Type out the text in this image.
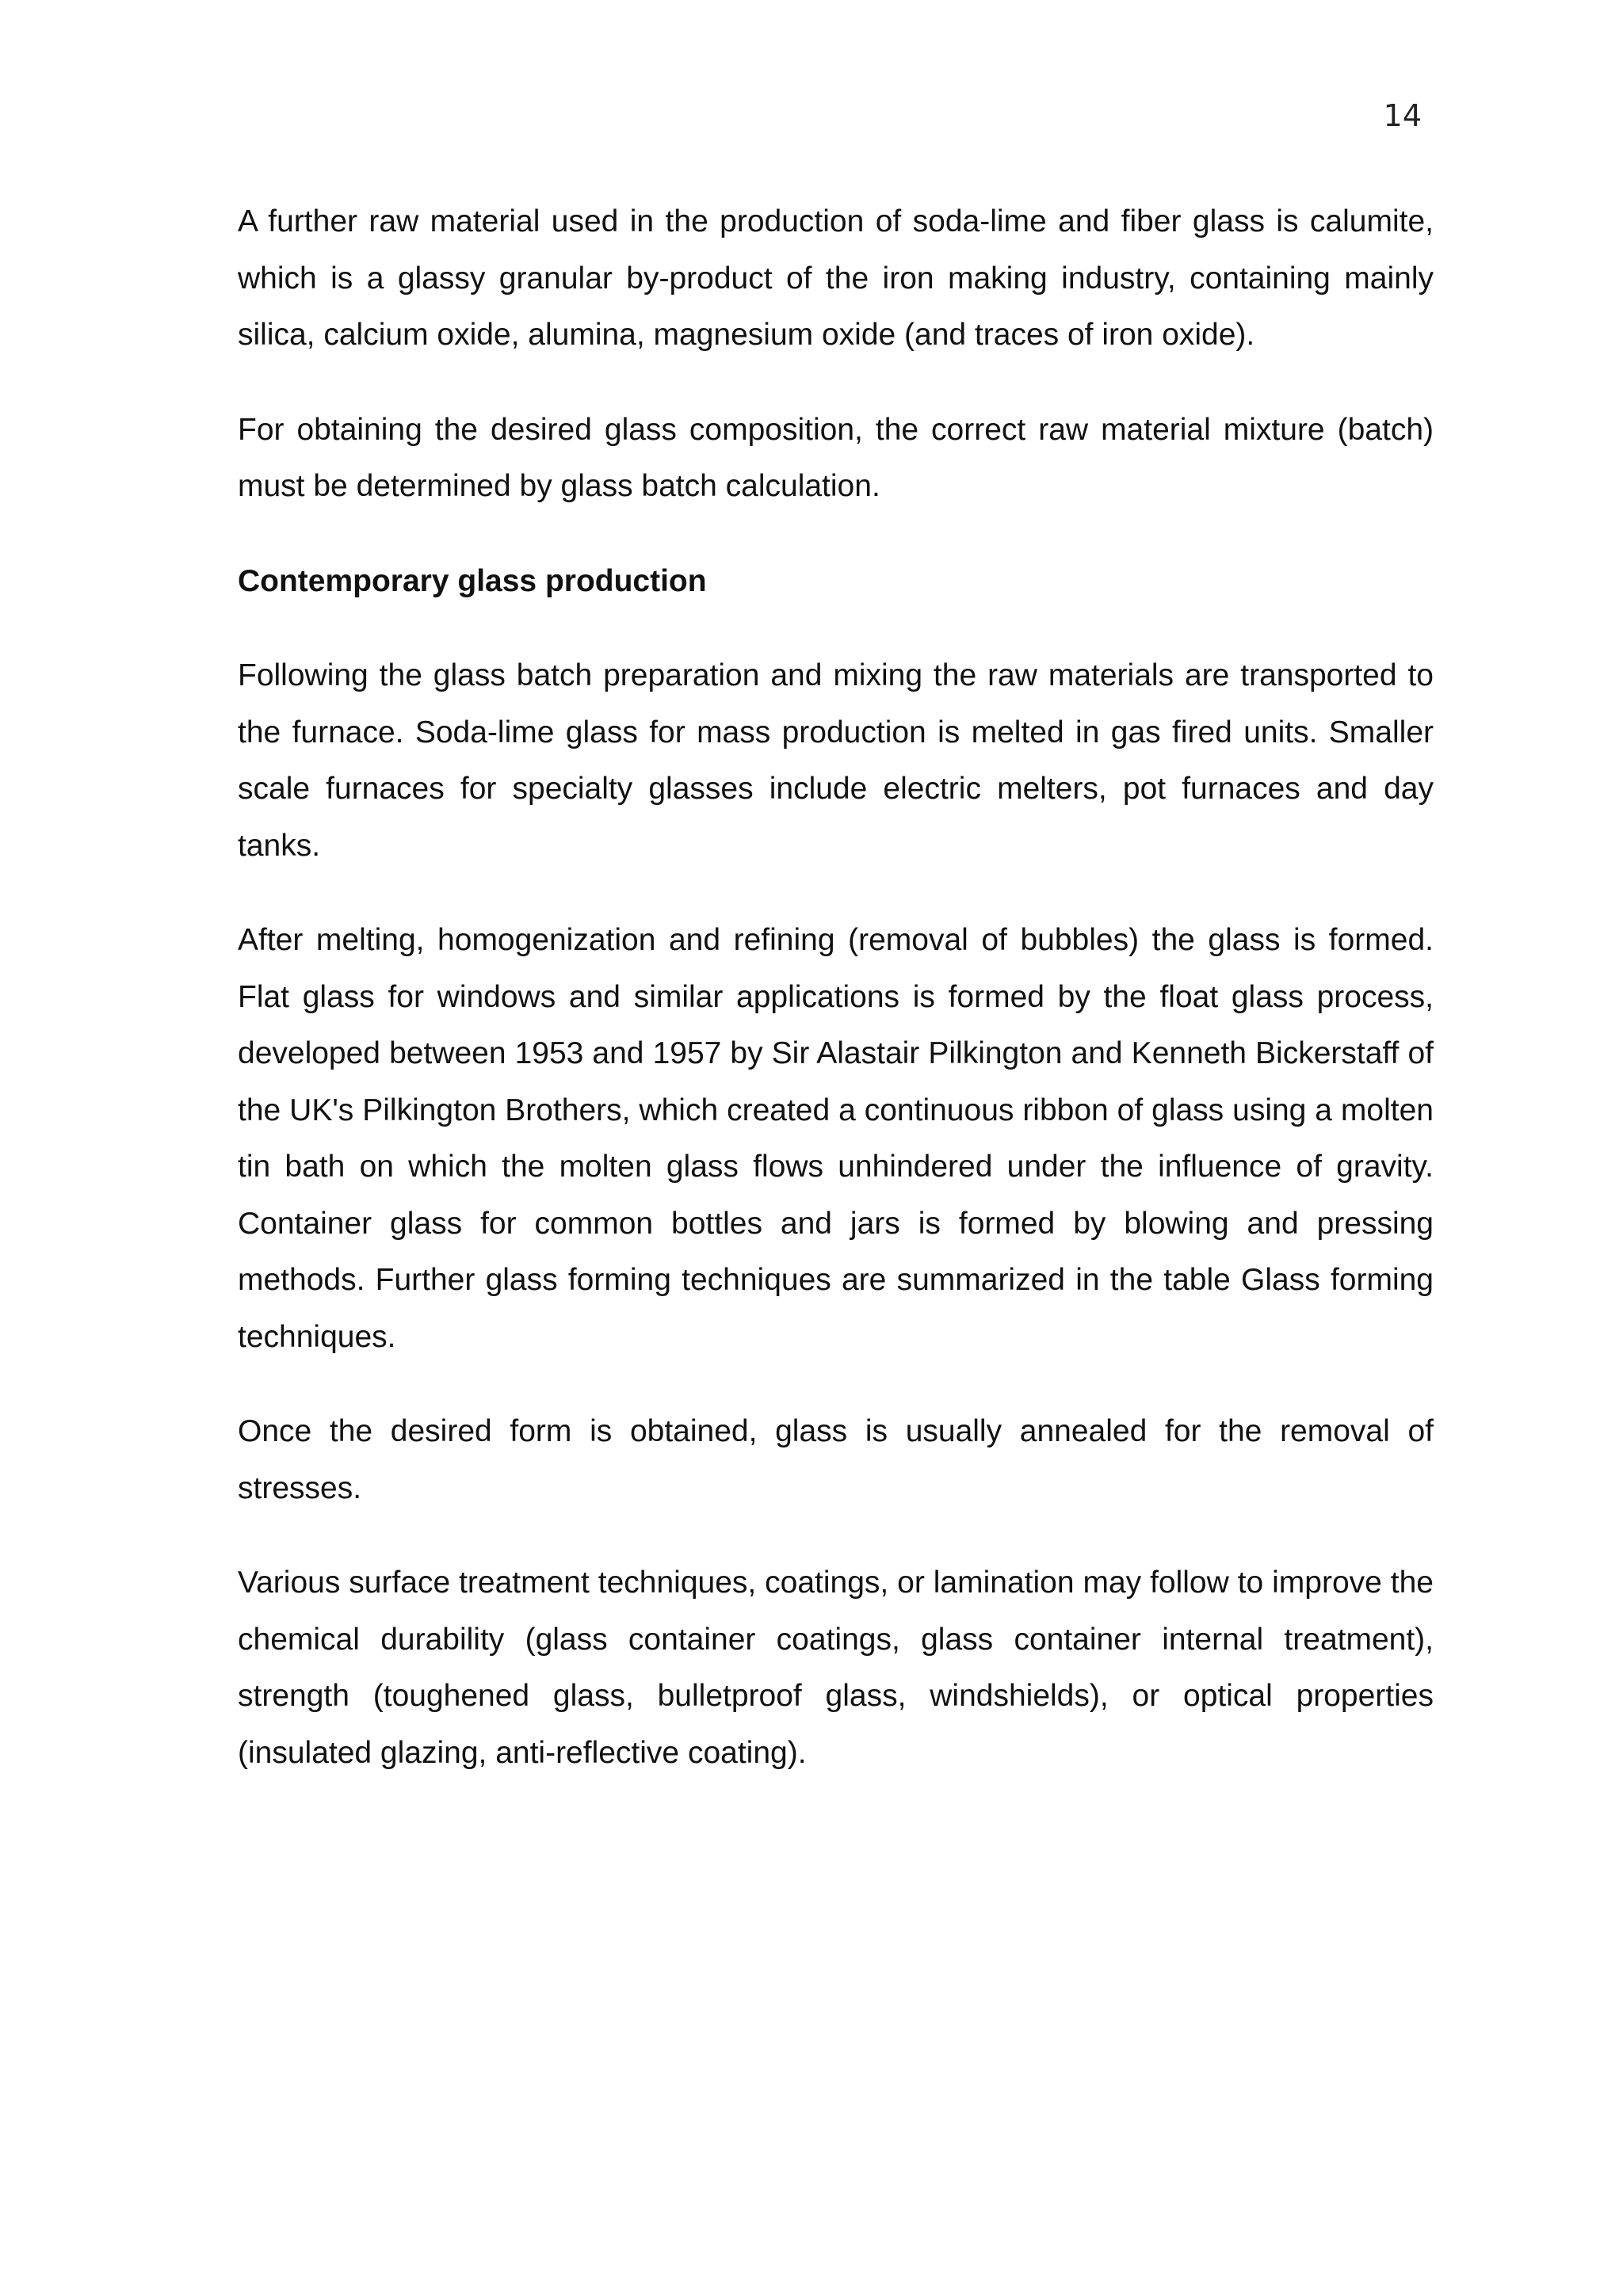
14

A further raw material used in the production of soda-lime and fiber glass is calumite, which is a glassy granular by-product of the iron making industry, containing mainly silica, calcium oxide, alumina, magnesium oxide (and traces of iron oxide).

For obtaining the desired glass composition, the correct raw material mixture (batch) must be determined by glass batch calculation.

Contemporary glass production

Following the glass batch preparation and mixing the raw materials are transported to the furnace. Soda-lime glass for mass production is melted in gas fired units. Smaller scale furnaces for specialty glasses include electric melters, pot furnaces and day tanks.

After melting, homogenization and refining (removal of bubbles) the glass is formed. Flat glass for windows and similar applications is formed by the float glass process, developed between 1953 and 1957 by Sir Alastair Pilkington and Kenneth Bickerstaff of the UK's Pilkington Brothers, which created a continuous ribbon of glass using a molten tin bath on which the molten glass flows unhindered under the influence of gravity. Container glass for common bottles and jars is formed by blowing and pressing methods. Further glass forming techniques are summarized in the table Glass forming techniques.

Once the desired form is obtained, glass is usually annealed for the removal of stresses.

Various surface treatment techniques, coatings, or lamination may follow to improve the chemical durability (glass container coatings, glass container internal treatment), strength (toughened glass, bulletproof glass, windshields), or optical properties (insulated glazing, anti-reflective coating).
